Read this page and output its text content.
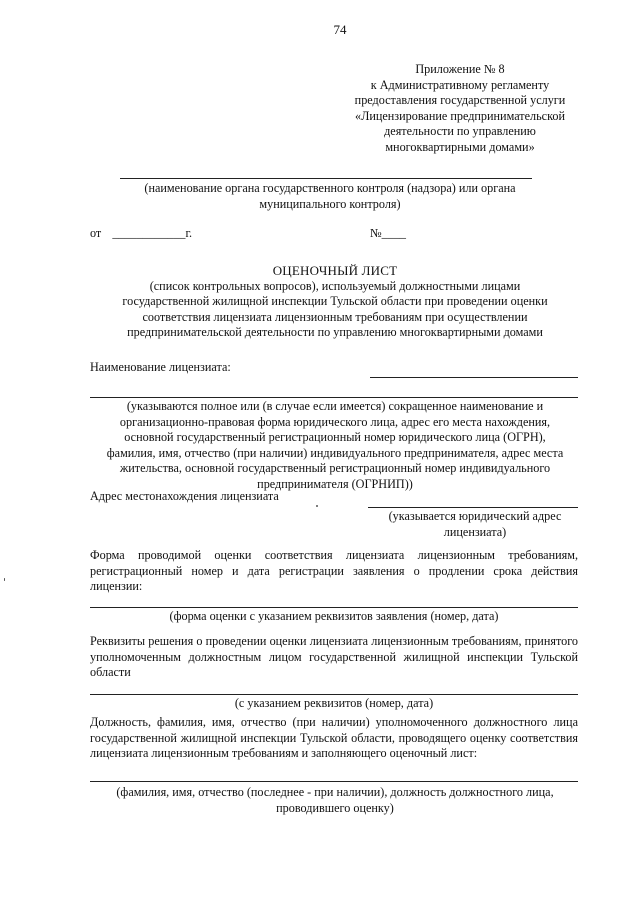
74
Приложение № 8
к Административному регламенту
предоставления государственной услуги
«Лицензирование предпринимательской
деятельности по управлению
многоквартирными домами»
(наименование органа государственного контроля (надзора) или органа
муниципального контроля)
от ____________г.	№____
ОЦЕНОЧНЫЙ ЛИСТ
(список контрольных вопросов), используемый должностными лицами
государственной жилищной инспекции Тульской области при проведении оценки
соответствия лицензиата лицензионным требованиям при осуществлении
предпринимательской деятельности по управлению многоквартирными домами
Наименование лицензиата:
(указываются полное или (в случае если имеется) сокращенное наименование и
организационно-правовая форма юридического лица, адрес его места нахождения,
основной государственный регистрационный номер юридического лица (ОГРН),
фамилия, имя, отчество (при наличии) индивидуального предпринимателя, адрес места
жительства, основной государственный регистрационный номер индивидуального
предпринимателя (ОГРНИП))
Адрес местонахождения лицензиата
(указывается юридический адрес
лицензиата)
Форма проводимой оценки соответствия лицензиата лицензионным требованиям, регистрационный номер и дата регистрации заявления о продлении срока действия лицензии:
(форма оценки с указанием реквизитов заявления (номер, дата)
Реквизиты решения о проведении оценки лицензиата лицензионным требованиям, принятого уполномоченным должностным лицом государственной жилищной инспекции Тульской области
(с указанием реквизитов (номер, дата)
Должность, фамилия, имя, отчество (при наличии) уполномоченного должностного лица государственной жилищной инспекции Тульской области, проводящего оценку соответствия лицензиата лицензионным требованиям и заполняющего оценочный лист:
(фамилия, имя, отчество (последнее - при наличии), должность должностного лица,
проводившего оценку)
